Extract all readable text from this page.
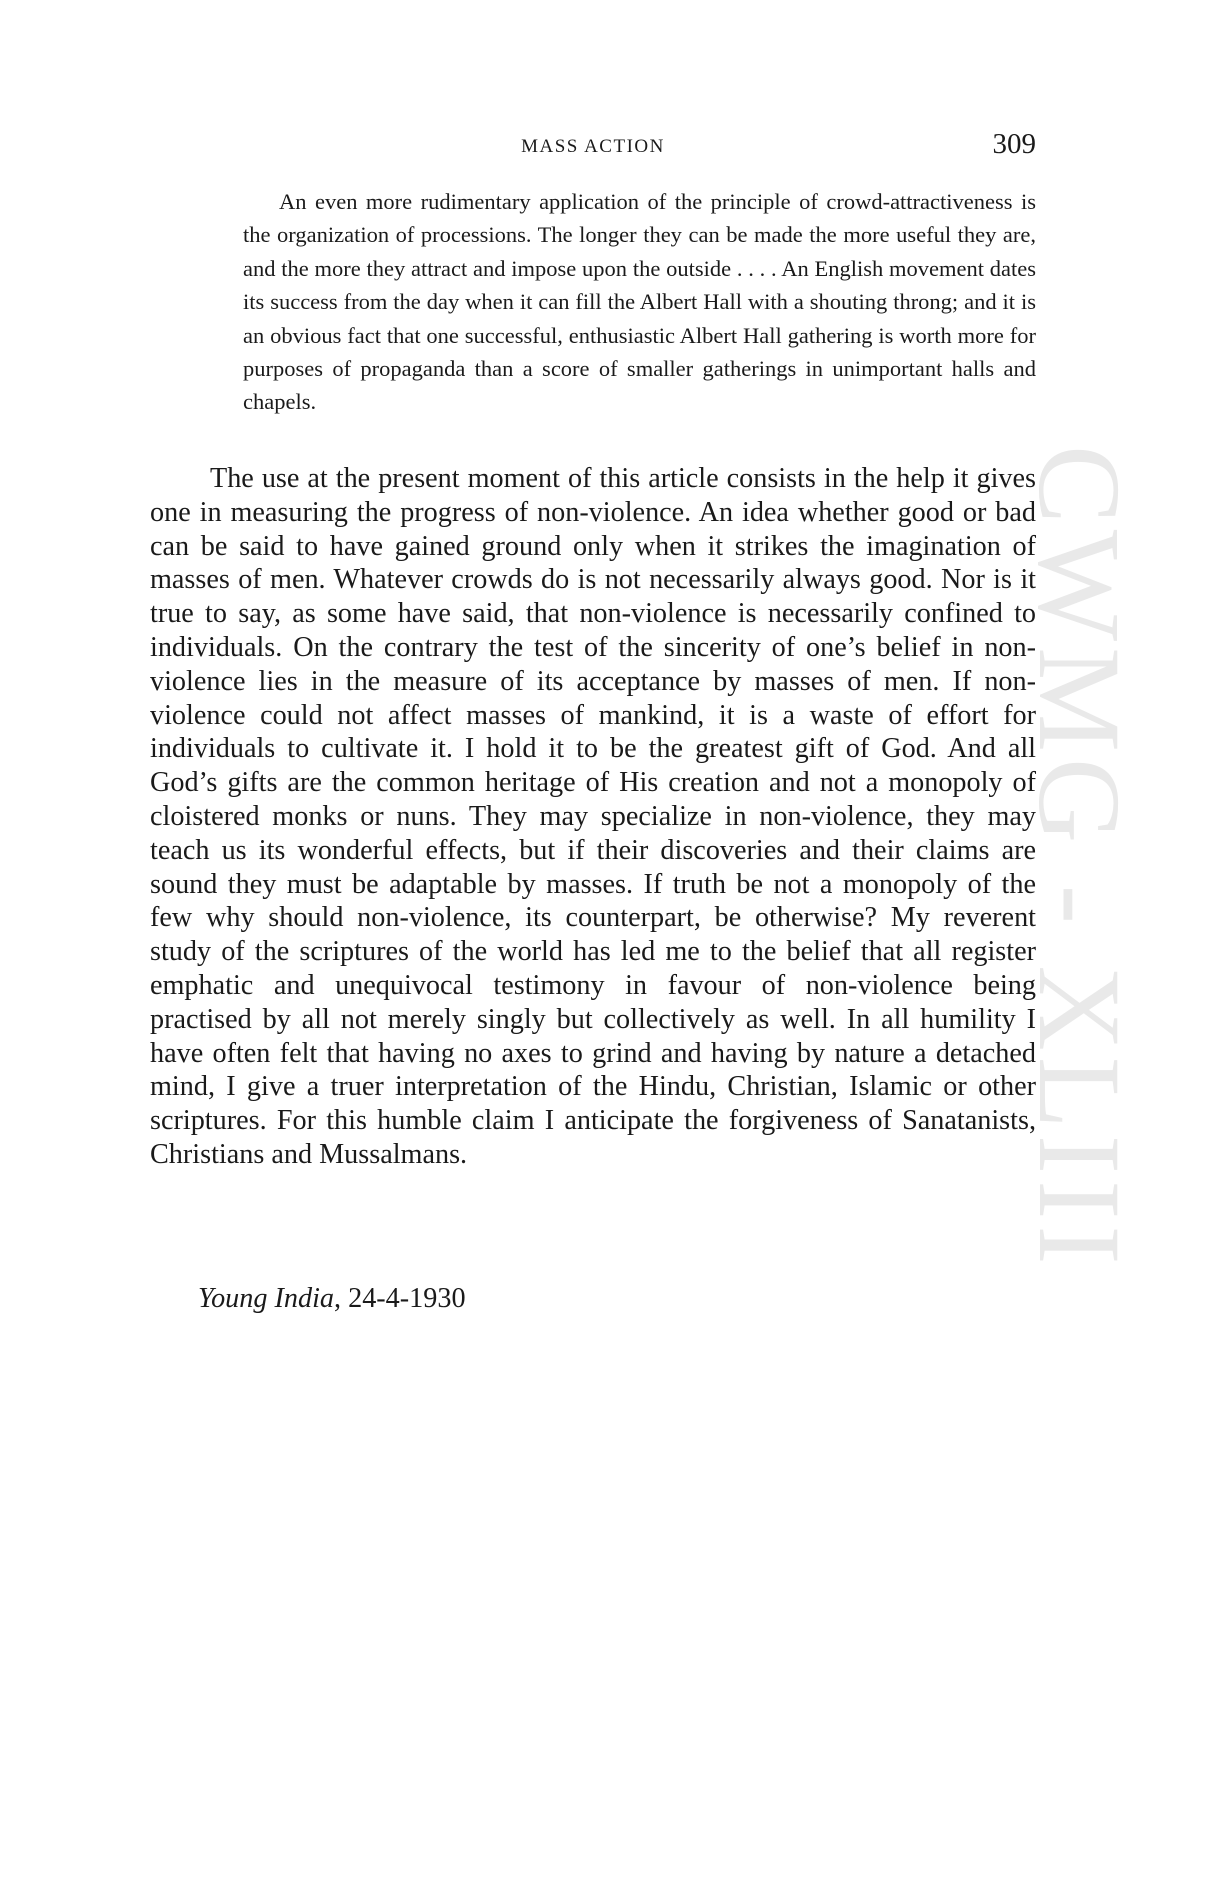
CWMG - XLIII
MASS ACTION	309

An even more rudimentary application of the principle of crowd-attractiveness is the organization of processions. The longer they can be made the more useful they are, and the more they attract and impose upon the outside . . . . An English movement dates its success from the day when it can fill the Albert Hall with a shouting throng; and it is an obvious fact that one successful, enthusiastic Albert Hall gathering is worth more for purposes of propaganda than a score of smaller gatherings in unimportant halls and chapels.

The use at the present moment of this article consists in the help it gives one in measuring the progress of non-violence. An idea whether good or bad can be said to have gained ground only when it strikes the imagination of masses of men. Whatever crowds do is not necessarily always good. Nor is it true to say, as some have said, that non-violence is necessarily confined to individuals. On the contrary the test of the sincerity of one’s belief in non-violence lies in the measure of its acceptance by masses of men. If non-violence could not affect masses of mankind, it is a waste of effort for individuals to cultivate it. I hold it to be the greatest gift of God. And all God’s gifts are the common heritage of His creation and not a monopoly of cloistered monks or nuns. They may specialize in non-violence, they may teach us its wonderful effects, but if their discoveries and their claims are sound they must be adaptable by masses. If truth be not a monopoly of the few why should non-violence, its counterpart, be otherwise? My reverent study of the scriptures of the world has led me to the belief that all register emphatic and unequivocal testimony in favour of non-violence being practised by all not merely singly but collectively as well. In all humility I have often felt that having no axes to grind and having by nature a detached mind, I give a truer interpretation of the Hindu, Christian, Islamic or other scriptures. For this humble claim I anticipate the forgiveness of Sanatanists, Christians and Mussalmans.

Young India, 24-4-1930
